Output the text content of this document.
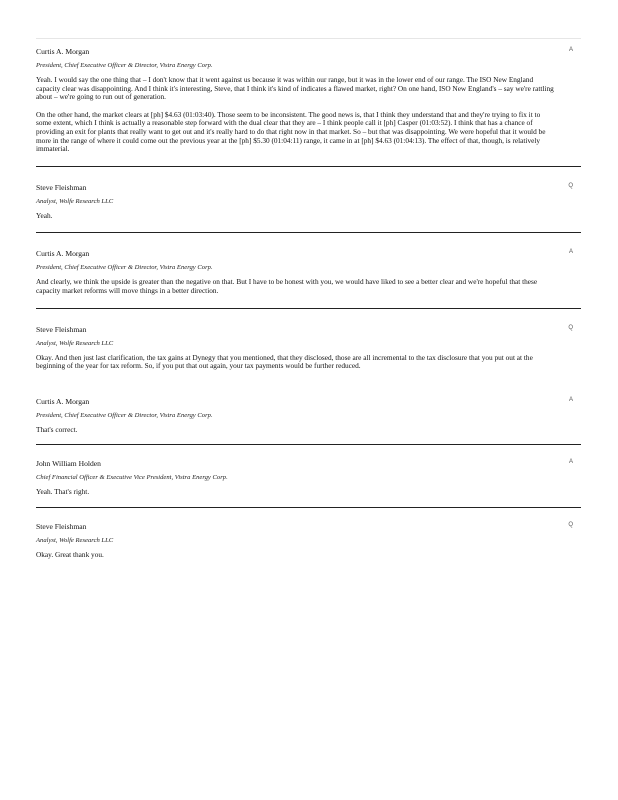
Curtis A. Morgan
President, Chief Executive Officer & Director, Vistra Energy Corp.
A
Yeah. I would say the one thing that – I don't know that it went against us because it was within our range, but it was in the lower end of our range. The ISO New England capacity clear was disappointing. And I think it's interesting, Steve, that I think it's kind of indicates a flawed market, right? On one hand, ISO New England's – say we're rattling about – we're going to run out of generation.
On the other hand, the market clears at [ph] $4.63 (01:03:40). Those seem to be inconsistent. The good news is, that I think they understand that and they're trying to fix it to some extent, which I think is actually a reasonable step forward with the dual clear that they are – I think people call it [ph] Casper (01:03:52). I think that has a chance of providing an exit for plants that really want to get out and it's really hard to do that right now in that market. So – but that was disappointing. We were hopeful that it would be more in the range of where it could come out the previous year at the [ph] $5.30 (01:04:11) range, it came in at [ph] $4.63 (01:04:13). The effect of that, though, is relatively immaterial.
Steve Fleishman
Analyst, Wolfe Research LLC
Q
Yeah.
Curtis A. Morgan
President, Chief Executive Officer & Director, Vistra Energy Corp.
A
And clearly, we think the upside is greater than the negative on that. But I have to be honest with you, we would have liked to see a better clear and we're hopeful that these capacity market reforms will move things in a better direction.
Steve Fleishman
Analyst, Wolfe Research LLC
Q
Okay. And then just last clarification, the tax gains at Dynegy that you mentioned, that they disclosed, those are all incremental to the tax disclosure that you put out at the beginning of the year for tax reform. So, if you put that out again, your tax payments would be further reduced.
Curtis A. Morgan
President, Chief Executive Officer & Director, Vistra Energy Corp.
A
That's correct.
John William Holden
Chief Financial Officer & Executive Vice President, Vistra Energy Corp.
A
Yeah. That's right.
Steve Fleishman
Analyst, Wolfe Research LLC
Q
Okay. Great thank you.
